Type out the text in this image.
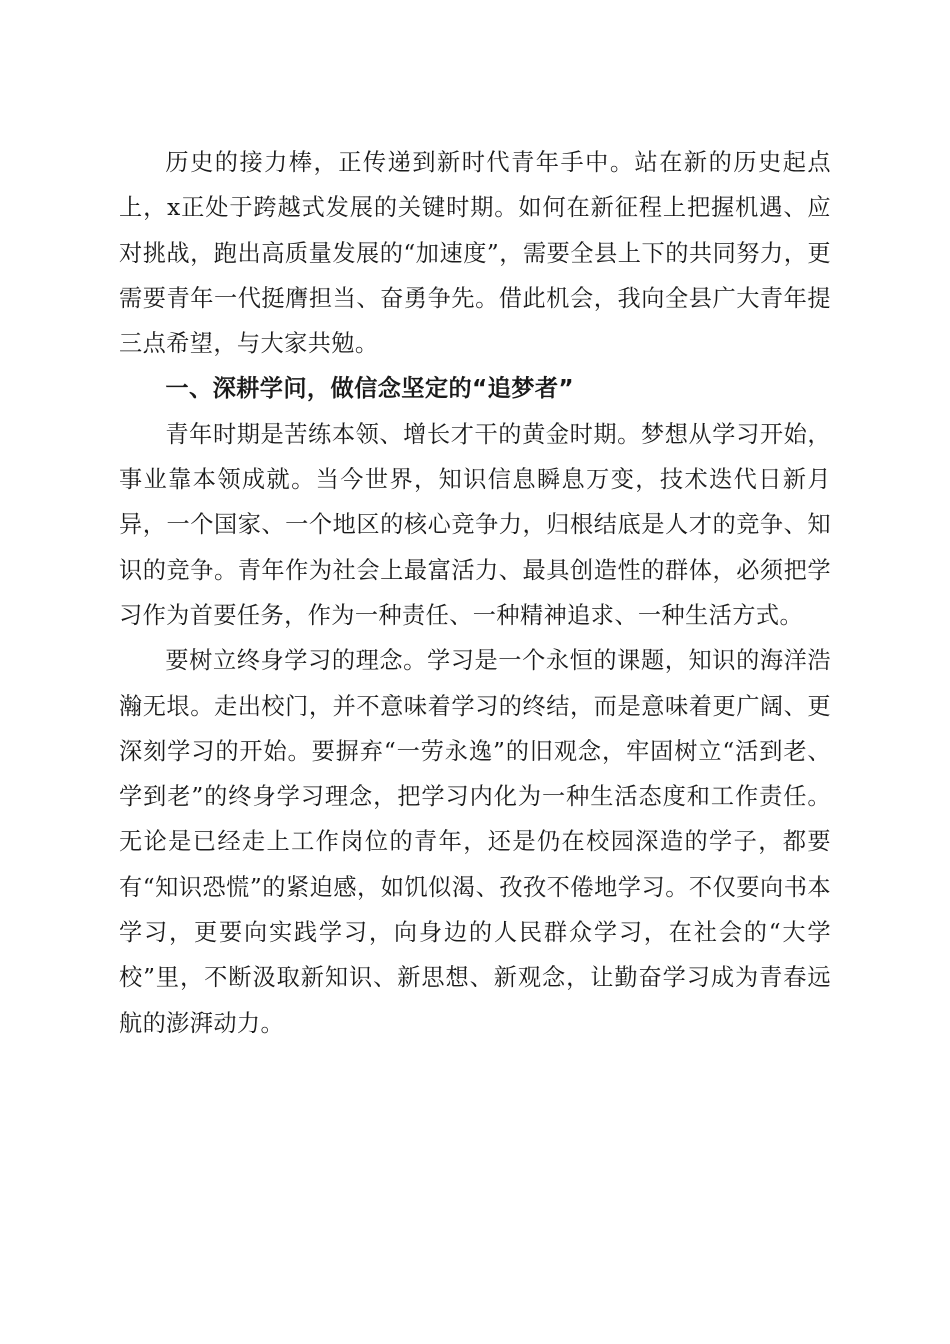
历史的接力棒，正传递到新时代青年手中。站在新的历史起点上，x正处于跨越式发展的关键时期。如何在新征程上把握机遇、应对挑战，跑出高质量发展的“加速度”，需要全县上下的共同努力，更需要青年一代挺膺担当、奋勇争先。借此机会，我向全县广大青年提三点希望，与大家共勉。

一、深耕学问，做信念坚定的“追梦者”

青年时期是苦练本领、增长才干的黄金时期。梦想从学习开始，事业靠本领成就。当今世界，知识信息瞬息万变，技术迭代日新月异，一个国家、一个地区的核心竞争力，归根结底是人才的竞争、知识的竞争。青年作为社会上最富活力、最具创造性的群体，必须把学习作为首要任务，作为一种责任、一种精神追求、一种生活方式。

要树立终身学习的理念。学习是一个永恒的课题，知识的海洋浩瀚无垠。走出校门，并不意味着学习的终结，而是意味着更广阔、更深刻学习的开始。要摒弃“一劳永逸”的旧观念，牢固树立“活到老、学到老”的终身学习理念，把学习内化为一种生活态度和工作责任。无论是已经走上工作岗位的青年，还是仍在校园深造的学子，都要有“知识恐慌”的紧迫感，如饥似渴、孜孜不倦地学习。不仅要向书本学习，更要向实践学习，向身边的人民群众学习，在社会的“大学校”里，不断汲取新知识、新思想、新观念，让勤奋学习成为青春远航的澎湃动力。
